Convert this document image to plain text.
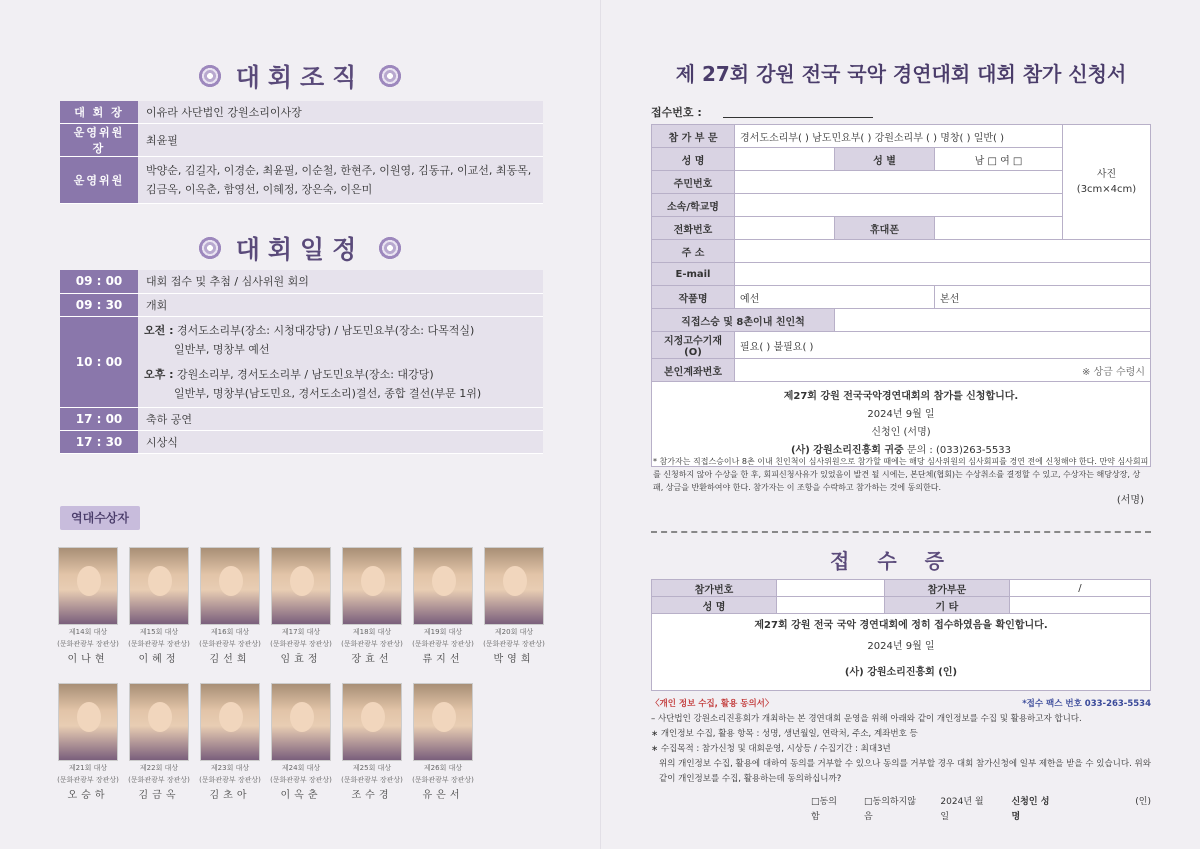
대회조직
대 회 장	이유라 사단법인 강원소리이사장
운영위원장	최윤필
운영위원	박양순, 김길자, 이경순, 최윤필, 이순철, 한현주, 이원영, 김동규, 이교선, 최동목,
김금옥, 이옥춘, 함영선, 이혜정, 장은숙, 이은미
대회일정
09 : 00	대회 접수 및 추첨 / 심사위원 회의
09 : 30	개회
10 : 00	오전 : 경서도소리부(장소: 시청대강당) / 남도민요부(장소: 다목적실)
일반부, 명창부 예선
오후 : 강원소리부, 경서도소리부 / 남도민요부(장소: 대강당)
일반부, 명창부(남도민요, 경서도소리)결선, 종합 결선(부문 1위)

17 : 00	축하 공연
17 : 30	시상식
역대수상자
제14회 대상
(문화관광부 장관상)
이나현
제15회 대상
(문화관광부 장관상)
이혜정
제16회 대상
(문화관광부 장관상)
김선희
제17회 대상
(문화관광부 장관상)
임효정
제18회 대상
(문화관광부 장관상)
장효선
제19회 대상
(문화관광부 장관상)
류지선
제20회 대상
(문화관광부 장관상)
박영희
제21회 대상
(문화관광부 장관상)
오승하
제22회 대상
(문화관광부 장관상)
김금옥
제23회 대상
(문화관광부 장관상)
김초아
제24회 대상
(문화관광부 장관상)
이옥춘
제25회 대상
(문화관광부 장관상)
조수경
제26회 대상
(문화관광부 장관상)
유은서
제 27회 강원 전국 국악 경연대회 대회 참가 신청서
접수번호 :
참 가 부 문	경서도소리부( ) 남도민요부( ) 강원소리부 ( ) 명창( ) 일반( )			사진
(3cm×4cm)

성 명		성 별	남 □ 여 □	
주민번호				
소속/학교명				
전화번호		휴대폰		
주 소				
E-mail				
작품명	예선		본선	
직접스승 및 8촌이내 친인척				
지정고수기재(O)	필요( ) 불필요( )			
본인계좌번호	※ 상금 수령시			

제27회 강원 전국국악경연대회의 참가를 신청합니다.
2024년 9월 일
신청인 (서명)
(사) 강원소리진흥회 귀중 문의 : (033)263-5533				
* 참가자는 직접스승이나 8촌 이내 친인척이 심사위원으로 참가할 때에는 해당 심사위원의 심사회피를 경연 전에 신청해야 한다. 만약 심사회피를 신청하지 않아 수상을 한 후, 회피신청사유가 있었음이 발견 될 시에는, 본단체(협회)는 수상취소를 결정할 수 있고, 수상자는 해당상장, 상패, 상금을 반환하여야 한다. 참가자는 이 조항을 수락하고 참가하는 것에 동의한다.
(서명)
접수증
참가번호		참가부문	/
성 명		기 타	

제27회 강원 전국 국악 경연대회에 정히 접수하였음을 확인합니다.
2024년 9월 일
(사) 강원소리진흥회 (인)			
〈개인 정보 수집, 활용 동의서〉	*접수 팩스 번호 033-263-5534
– 사단법인 강원소리진흥회가 개최하는 본 경연대회 운영을 위해 아래와 같이 개인정보를 수집 및 활용하고자 합니다.
∗ 개인정보 수집, 활용 항목 : 성명, 생년월일, 연락처, 주소, 계좌번호 등
∗ 수집목적 : 참가신청 및 대회운영, 시상등 / 수집기간 : 최대3년
위의 개인정보 수집, 활용에 대하여 동의를 거부할 수 있으나 동의를 거부할 경우 대회 참가신청에 일부 제한을 받을 수 있습니다. 위와 같이 개인정보를 수집, 활용하는데 동의하십니까?
□동의함
□동의하지않음
2024년 월 일
신청인 성명
(인)
